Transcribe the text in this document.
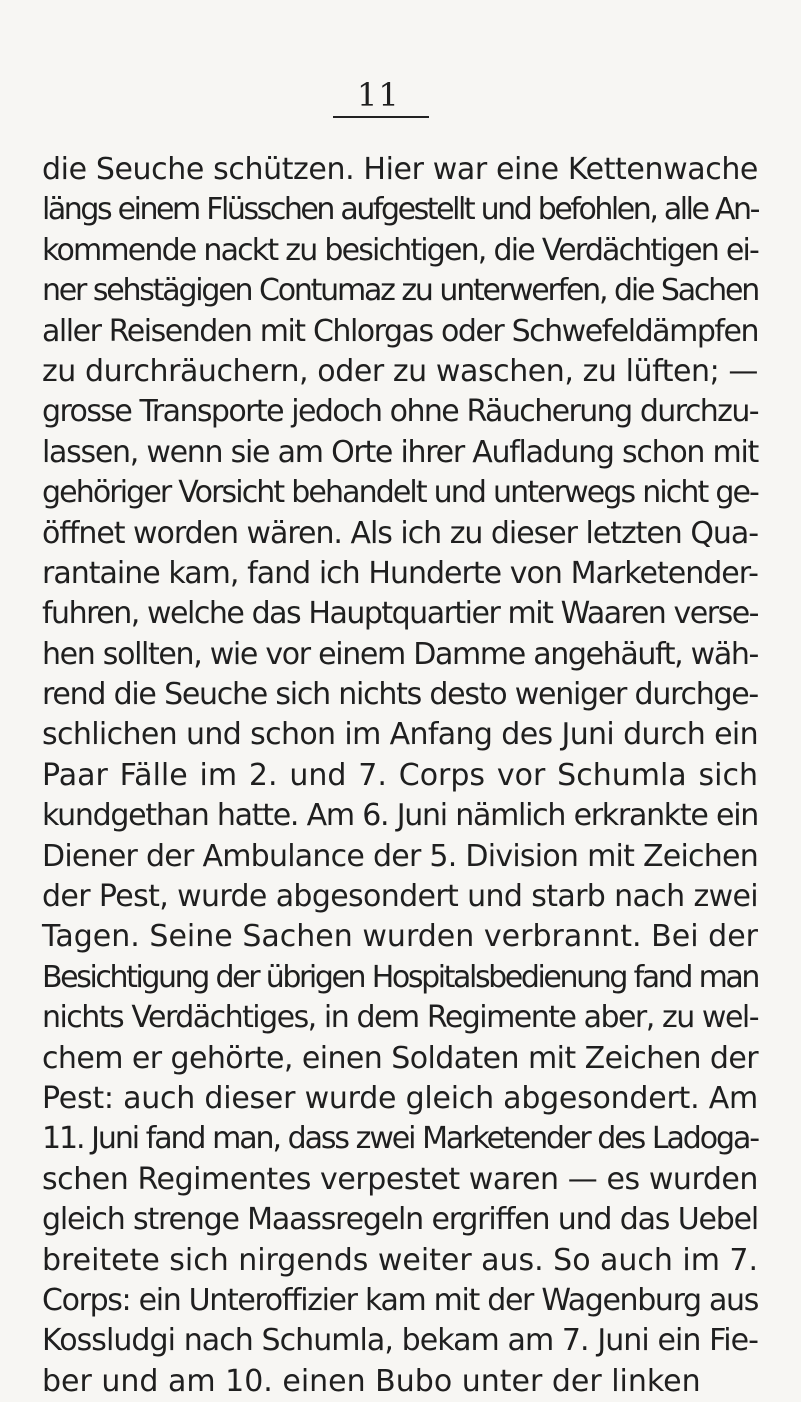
11
die Seuche schützen. Hier war eine Kettenwache
längs einem Flüsschen aufgestellt und befohlen, alle An-
kommende nackt zu besichtigen, die Verdächtigen ei-
ner sehstägigen Contumaz zu unterwerfen, die Sachen
aller Reisenden mit Chlorgas oder Schwefeldämpfen
zu durchräuchern, oder zu waschen, zu lüften; —
grosse Transporte jedoch ohne Räucherung durchzu-
lassen, wenn sie am Orte ihrer Aufladung schon mit
gehöriger Vorsicht behandelt und unterwegs nicht ge-
öffnet worden wären. Als ich zu dieser letzten Qua-
rantaine kam, fand ich Hunderte von Marketender-
fuhren, welche das Hauptquartier mit Waaren verse-
hen sollten, wie vor einem Damme angehäuft, wäh-
rend die Seuche sich nichts desto weniger durchge-
schlichen und schon im Anfang des Juni durch ein
Paar Fälle im 2. und 7. Corps vor Schumla sich
kundgethan hatte. Am 6. Juni nämlich erkrankte ein
Diener der Ambulance der 5. Division mit Zeichen
der Pest, wurde abgesondert und starb nach zwei
Tagen. Seine Sachen wurden verbrannt. Bei der
Besichtigung der übrigen Hospitalsbedienung fand man
nichts Verdächtiges, in dem Regimente aber, zu wel-
chem er gehörte, einen Soldaten mit Zeichen der
Pest: auch dieser wurde gleich abgesondert. Am
11. Juni fand man, dass zwei Marketender des Ladoga-
schen Regimentes verpestet waren — es wurden
gleich strenge Maassregeln ergriffen und das Uebel
breitete sich nirgends weiter aus. So auch im 7.
Corps: ein Unteroffizier kam mit der Wagenburg aus
Kossludgi nach Schumla, bekam am 7. Juni ein Fie-
ber und am 10. einen Bubo unter der linken
